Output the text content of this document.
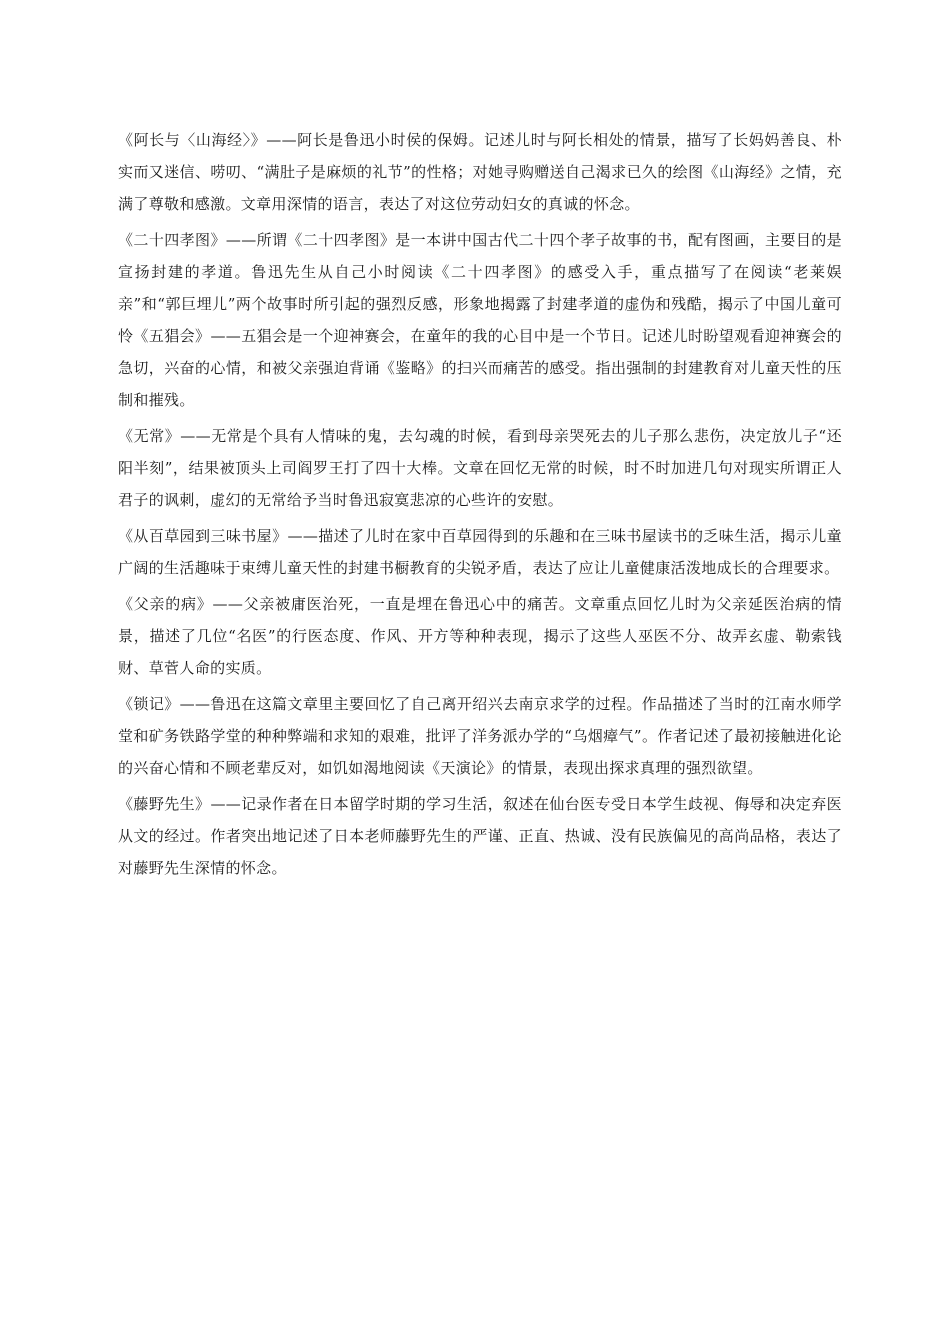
《阿长与〈山海经〉》——阿长是鲁迅小时侯的保姆。记述儿时与阿长相处的情景，描写了长妈妈善良、朴实而又迷信、唠叨、“满肚子是麻烦的礼节”的性格；对她寻购赠送自己渴求已久的绘图《山海经》之情，充满了尊敬和感激。文章用深情的语言，表达了对这位劳动妇女的真诚的怀念。

《二十四孝图》——所谓《二十四孝图》是一本讲中国古代二十四个孝子故事的书，配有图画，主要目的是宣扬封建的孝道。鲁迅先生从自己小时阅读《二十四孝图》的感受入手，重点描写了在阅读“老莱娱亲”和“郭巨埋儿”两个故事时所引起的强烈反感，形象地揭露了封建孝道的虚伪和残酷，揭示了中国儿童可怜《五猖会》——五猖会是一个迎神赛会，在童年的我的心目中是一个节日。记述儿时盼望观看迎神赛会的急切，兴奋的心情，和被父亲强迫背诵《鉴略》的扫兴而痛苦的感受。指出强制的封建教育对儿童天性的压制和摧残。

《无常》——无常是个具有人情味的鬼，去勾魂的时候，看到母亲哭死去的儿子那么悲伤，决定放儿子“还阳半刻”，结果被顶头上司阎罗王打了四十大棒。文章在回忆无常的时候，时不时加进几句对现实所谓正人君子的讽刺，虚幻的无常给予当时鲁迅寂寞悲凉的心些许的安慰。

《从百草园到三味书屋》——描述了儿时在家中百草园得到的乐趣和在三味书屋读书的乏味生活，揭示儿童广阔的生活趣味于束缚儿童天性的封建书橱教育的尖锐矛盾，表达了应让儿童健康活泼地成长的合理要求。

《父亲的病》——父亲被庸医治死，一直是埋在鲁迅心中的痛苦。文章重点回忆儿时为父亲延医治病的情景，描述了几位“名医”的行医态度、作风、开方等种种表现，揭示了这些人巫医不分、故弄玄虚、勒索钱财、草菅人命的实质。

《锁记》——鲁迅在这篇文章里主要回忆了自己离开绍兴去南京求学的过程。作品描述了当时的江南水师学堂和矿务铁路学堂的种种弊端和求知的艰难，批评了洋务派办学的“乌烟瘴气”。作者记述了最初接触进化论的兴奋心情和不顾老辈反对，如饥如渴地阅读《天演论》的情景，表现出探求真理的强烈欲望。

《藤野先生》——记录作者在日本留学时期的学习生活，叙述在仙台医专受日本学生歧视、侮辱和决定弃医从文的经过。作者突出地记述了日本老师藤野先生的严谨、正直、热诚、没有民族偏见的高尚品格，表达了对藤野先生深情的怀念。
